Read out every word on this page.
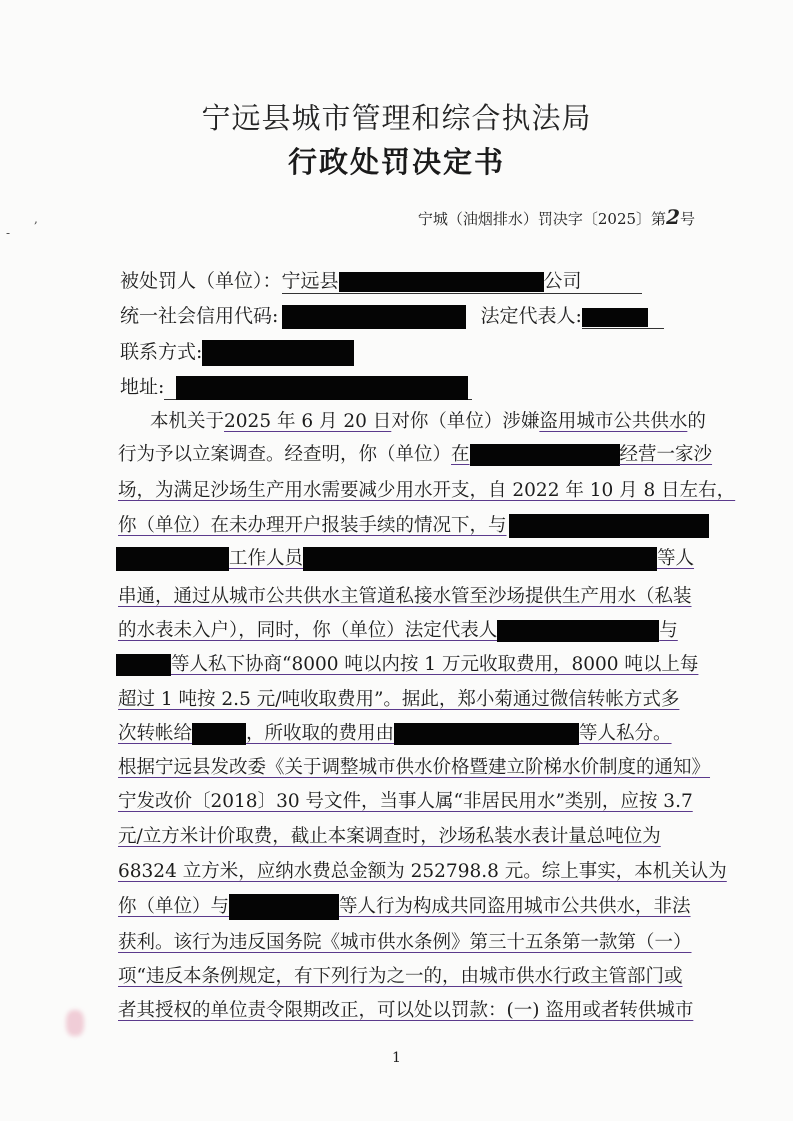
宁远县城市管理和综合执法局
行政处罚决定书
宁城（油烟排水）罚决字〔2025〕第2号
,
-
被处罚人（单位）：宁远县	公司
统一社会信用代码:	法定代表人:
联系方式:
地址:
本机关于2025 年 6 月 20 日对你（单位）涉嫌盗用城市公共供水的
行为予以立案调查。经查明，你（单位）在	经营一家沙
场，为满足沙场生产用水需要减少用水开支，自 2022 年 10 月 8 日左右，
你（单位）在未办理开户报装手续的情况下，与
工作人员	等人
串通，通过从城市公共供水主管道私接水管至沙场提供生产用水（私装
的水表未入户），同时，你（单位）法定代表人	与
等人私下协商“8000 吨以内按 1 万元收取费用，8000 吨以上每
超过 1 吨按 2.5 元/吨收取费用”。据此，郑小菊通过微信转帐方式多
次转帐给	，所收取的费用由	等人私分。
根据宁远县发改委《关于调整城市供水价格暨建立阶梯水价制度的通知》
宁发改价〔2018〕30 号文件，当事人属“非居民用水”类别，应按 3.7
元/立方米计价取费，截止本案调查时，沙场私装水表计量总吨位为
68324 立方米，应纳水费总金额为 252798.8 元。综上事实，本机关认为
你（单位）与	等人行为构成共同盗用城市公共供水，非法
获利。该行为违反国务院《城市供水条例》第三十五条第一款第（一）
项“违反本条例规定，有下列行为之一的，由城市供水行政主管部门或
者其授权的单位责令限期改正，可以处以罚款：(一) 盗用或者转供城市
1
